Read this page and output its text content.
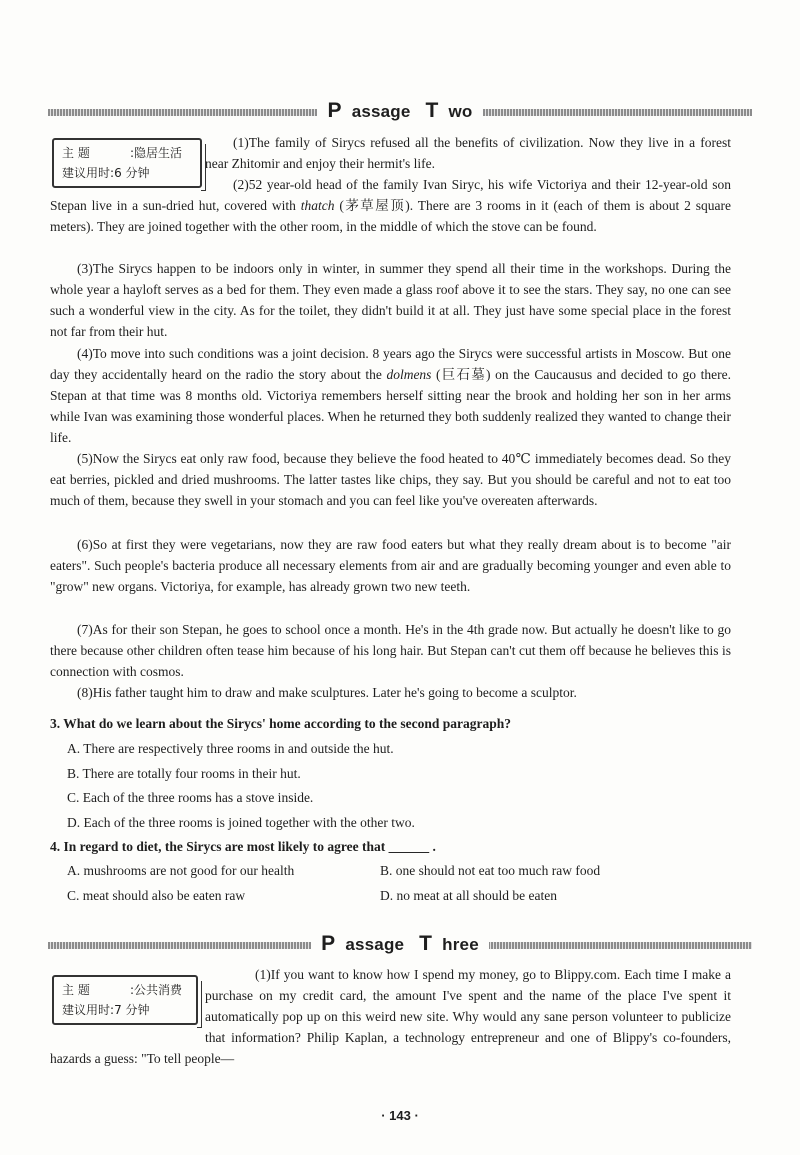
P assage T wo
主 题	:隐居生活
建议用时:6 分钟

(1)The family of Sirycs refused all the benefits of civilization. Now they live in a forest near Zhitomir and enjoy their hermit's life.

(2)52 year-old head of the family Ivan Siryc, his wife Victoriya and their 12-year-old son Stepan live in a sun-dried hut, covered with thatch (茅草屋顶). There are 3 rooms in it (each of them is about 2 square meters). They are joined together with the other room, in the middle of which the stove can be found.

(3)The Sirycs happen to be indoors only in winter, in summer they spend all their time in the workshops. During the whole year a hayloft serves as a bed for them. They even made a glass roof above it to see the stars. They say, no one can see such a wonderful view in the city. As for the toilet, they didn't build it at all. They just have some special place in the forest not far from their hut.

(4)To move into such conditions was a joint decision. 8 years ago the Sirycs were successful artists in Moscow. But one day they accidentally heard on the radio the story about the dolmens (巨石墓) on the Caucausus and decided to go there. Stepan at that time was 8 months old. Victoriya remembers herself sitting near the brook and holding her son in her arms while Ivan was examining those wonderful places. When he returned they both suddenly realized they wanted to change their life.

(5)Now the Sirycs eat only raw food, because they believe the food heated to 40℃ immediately becomes dead. So they eat berries, pickled and dried mushrooms. The latter tastes like chips, they say. But you should be careful and not to eat too much of them, because they swell in your stomach and you can feel like you've overeaten afterwards.

(6)So at first they were vegetarians, now they are raw food eaters but what they really dream about is to become "air eaters". Such people's bacteria produce all necessary elements from air and are gradually becoming younger and even able to "grow" new organs. Victoriya, for example, has already grown two new teeth.

(7)As for their son Stepan, he goes to school once a month. He's in the 4th grade now. But actually he doesn't like to go there because other children often tease him because of his long hair. But Stepan can't cut them off because he believes this is connection with cosmos.

(8)His father taught him to draw and make sculptures. Later he's going to become a sculptor.

3. What do we learn about the Sirycs' home according to the second paragraph?
A. There are respectively three rooms in and outside the hut.
B. There are totally four rooms in their hut.
C. Each of the three rooms has a stove inside.
D. Each of the three rooms is joined together with the other two.
4. In regard to diet, the Sirycs are most likely to agree that ______ .
A. mushrooms are not good for our health	B. one should not eat too much raw food
C. meat should also be eaten raw	D. no meat at all should be eaten
P assage T hree
主 题	:公共消费
建议用时:7 分钟

(1)If you want to know how I spend my money, go to Blippy.com. Each time I make a purchase on my credit card, the amount I've spent and the name of the place I've spent it automatically pop up on this weird new site. Why would any sane person volunteer to publicize that information? Philip Kaplan, a technology entrepreneur and one of Blippy's co-founders, hazards a guess: "To tell people—

· 143 ·
